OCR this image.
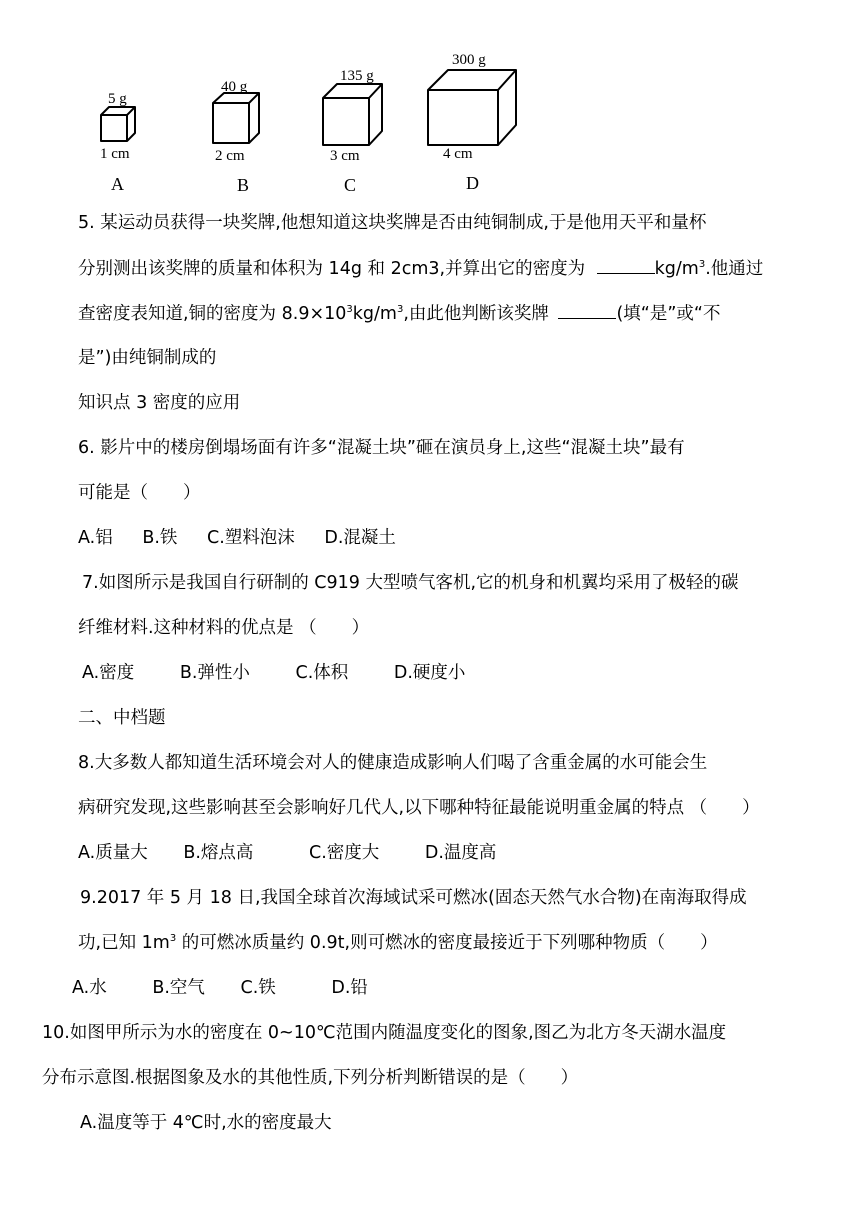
5 g
1 cm
A
40 g
2 cm
B
135 g
3 cm
C
300 g
4 cm
D
5. 某运动员获得一块奖牌,他想知道这块奖牌是否由纯铜制成,于是他用天平和量杯
分别测出该奖牌的质量和体积为 14g 和 2cm3,并算出它的密度为	$kg/m^3$.他通过
查密度表知道,铜的密度为 $8.9\times 10^3kg/m^3$,由此他判断该奖牌	(填“是”或“不
是”)由纯铜制成的
知识点 3 密度的应用
6. 影片中的楼房倒塌场面有许多“混凝土块”砸在演员身上,这些“混凝土块”最有
可能是（　　）
A.铝 B.铁 C.塑料泡沫 D.混凝土
7.如图所示是我国自行研制的 C919 大型喷气客机,它的机身和机翼均采用了极轻的碳
纤维材料.这种材料的优点是 （　　）
A.密度	B.弹性小	C.体积	D.硬度小
二、中档题
8.大多数人都知道生活环境会对人的健康造成影响人们喝了含重金属的水可能会生
病研究发现,这些影响甚至会影响好几代人,以下哪种特征最能说明重金属的特点 （　　）
A.质量大 B.熔点高	C.密度大	D.温度高
9.2017 年 5 月 18 日,我国全球首次海域试采可燃冰(固态天然气水合物)在南海取得成
功,已知 $1m^3$ 的可燃冰质量约 0.9t,则可燃冰的密度最接近于下列哪种物质（　　）
A.水	B.空气 C.铁	D.铅
10.如图甲所示为水的密度在 0~10℃范围内随温度变化的图象,图乙为北方冬天湖水温度
分布示意图.根据图象及水的其他性质,下列分析判断错误的是（　　）
A.温度等于 4℃时,水的密度最大
